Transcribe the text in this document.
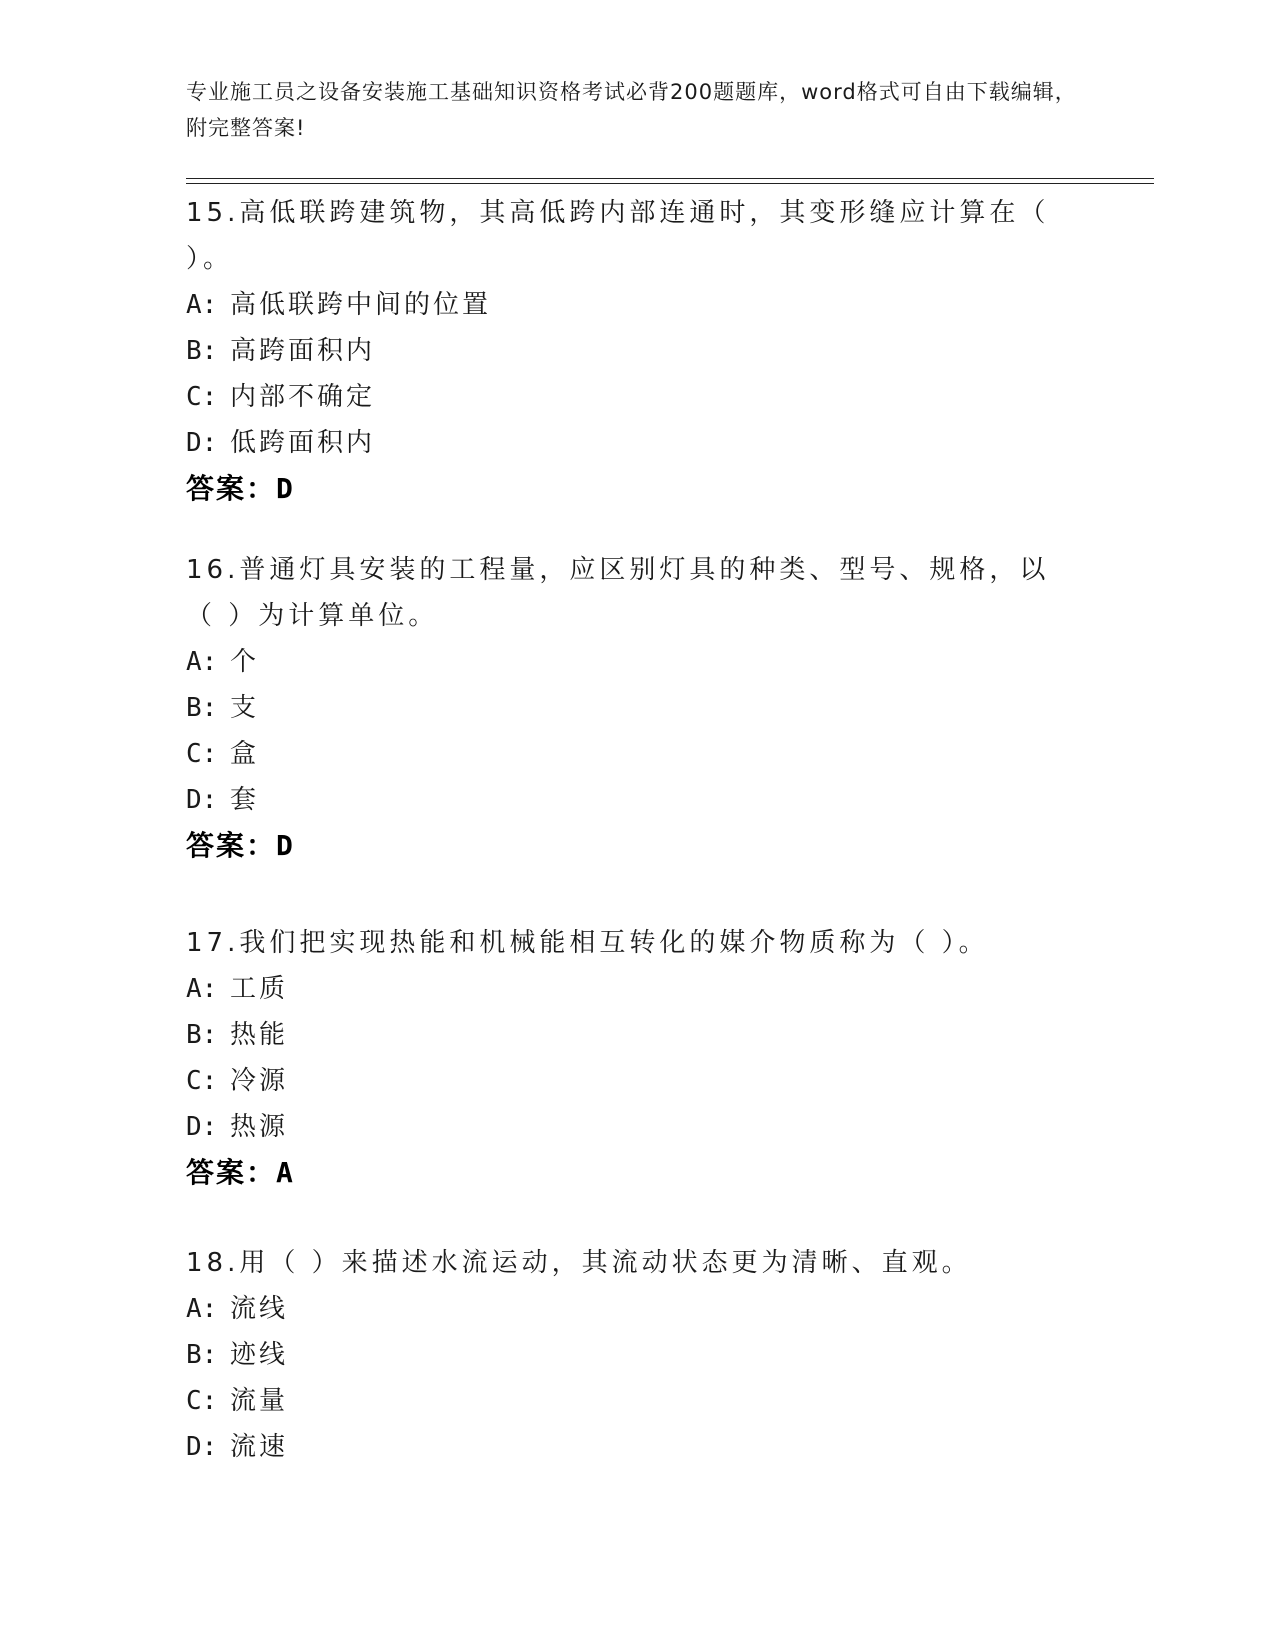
专业施工员之设备安装施工基础知识资格考试必背200题题库，word格式可自由下载编辑，附完整答案!
15.高低联跨建筑物，其高低跨内部连通时，其变形缝应计算在（ ）。
A: 高低联跨中间的位置
B: 高跨面积内
C: 内部不确定
D: 低跨面积内
答案：D
16.普通灯具安装的工程量，应区别灯具的种类、型号、规格，以（ ）为计算单位。
A: 个
B: 支
C: 盒
D: 套
答案：D
17.我们把实现热能和机械能相互转化的媒介物质称为（ ）。
A: 工质
B: 热能
C: 冷源
D: 热源
答案：A
18.用（ ）来描述水流运动，其流动状态更为清晰、直观。
A: 流线
B: 迹线
C: 流量
D: 流速
